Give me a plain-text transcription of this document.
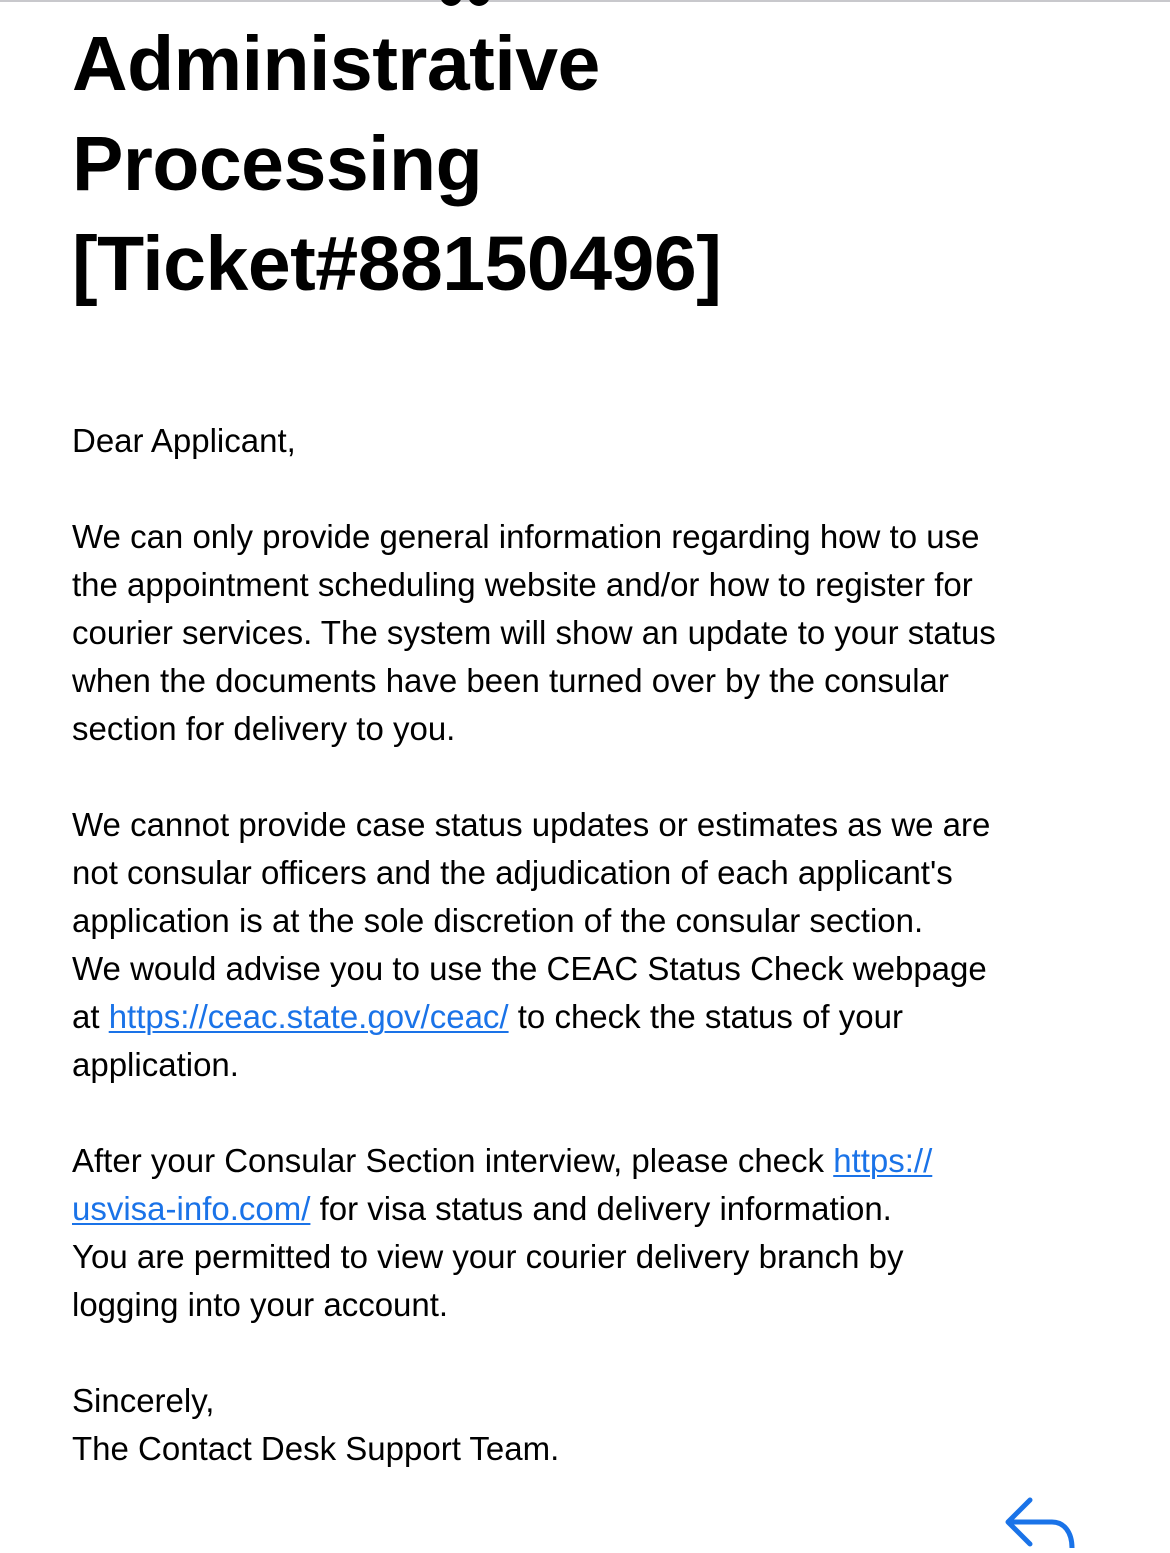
Administrative
Processing
[Ticket#88150496]

Dear Applicant,

We can only provide general information regarding how to use
the appointment scheduling website and/or how to register for
courier services. The system will show an update to your status
when the documents have been turned over by the consular
section for delivery to you.

We cannot provide case status updates or estimates as we are
not consular officers and the adjudication of each applicant's
application is at the sole discretion of the consular section.
We would advise you to use the CEAC Status Check webpage
at https://ceac.state.gov/ceac/ to check the status of your
application.

After your Consular Section interview, please check https://
usvisa-info.com/ for visa status and delivery information.
You are permitted to view your courier delivery branch by
logging into your account.

Sincerely,
The Contact Desk Support Team.
